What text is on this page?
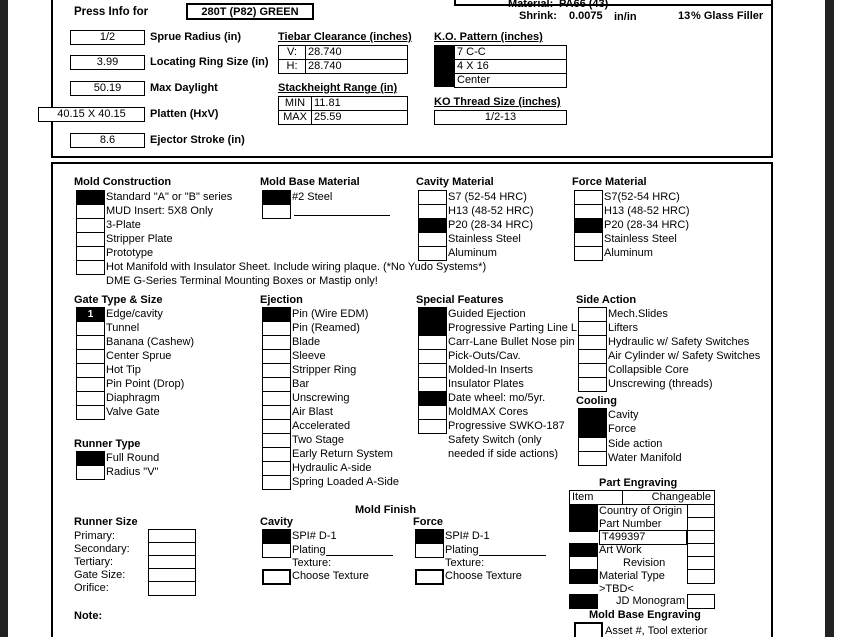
Material: PA66 (43)
Shrink: 0.0075 in/in	13 % Glass Filler
Press Info for	280T (P82) GREEN
1/2	Sprue Radius (in)
3.99	Locating Ring Size (in)
50.19	Max Daylight
40.15 X 40.15	Platten (HxV)
8.6	Ejector Stroke (in)
Tiebar Clearance (inches)
V:	28.740
H: 28.740
Stackheight Range (in)
MIN 11.81
MAX 25.59
K.O. Pattern (inches)
7 C-C
4 X 16
Center
KO Thread Size (inches)
1/2-13
Mold Construction
Standard "A" or "B" series
MUD Insert: 5X8 Only
3-Plate
Stripper Plate
Prototype
Hot Manifold with Insulator Sheet. Include wiring plaque. (*No Yudo Systems*)
DME G-Series Terminal Mounting Boxes or Mastip only!
Mold Base Material
#2 Steel
Cavity Material
S7 (52-54 HRC)
H13 (48-52 HRC)
P20 (28-34 HRC)
Stainless Steel
Aluminum
Force Material
S7(52-54 HRC)
H13 (48-52 HRC)
P20 (28-34 HRC)
Stainless Steel
Aluminum
Gate Type & Size
1	Edge/cavity
Tunnel
Banana (Cashew)
Center Sprue
Hot Tip
Pin Point (Drop)
Diaphragm
Valve Gate
Runner Type
Full Round
Radius "V"
Ejection
Pin (Wire EDM)
Pin (Reamed)
Blade
Sleeve
Stripper Ring
Bar
Unscrewing
Air Blast
Accelerated
Two Stage
Early Return System
Hydraulic A-side
Spring Loaded A-Side
Special Features
Guided Ejection
Progressive Parting Line L
Carr-Lane Bullet Nose pin
Pick-Outs/Cav.
Molded-In Inserts
Insulator Plates
Date wheel: mo/5yr.
MoldMAX Cores
Progressive SWKO-187
Safety Switch (only
needed if side actions)
Side Action
Mech.Slides
Lifters
Hydraulic w/ Safety Switches
Air Cylinder w/ Safety Switches
Collapsible Core
Unscrewing (threads)
Cooling
Cavity
Force
Side action
Water Manifold
Runner Size
Primary:
Secondary:
Tertiary:
Gate Size:
Orifice:
Note:
Mold Finish
Cavity
SPI# D-1
Plating
Texture:
Choose Texture
Force
SPI# D-1
Plating
Texture:
Choose Texture
Part Engraving
Item	Changeable
Country of Origin
Part Number
T499397
Art Work
Revision
Material Type
>TBD<
JD Monogram
Mold Base Engraving
Asset #, Tool exterior
